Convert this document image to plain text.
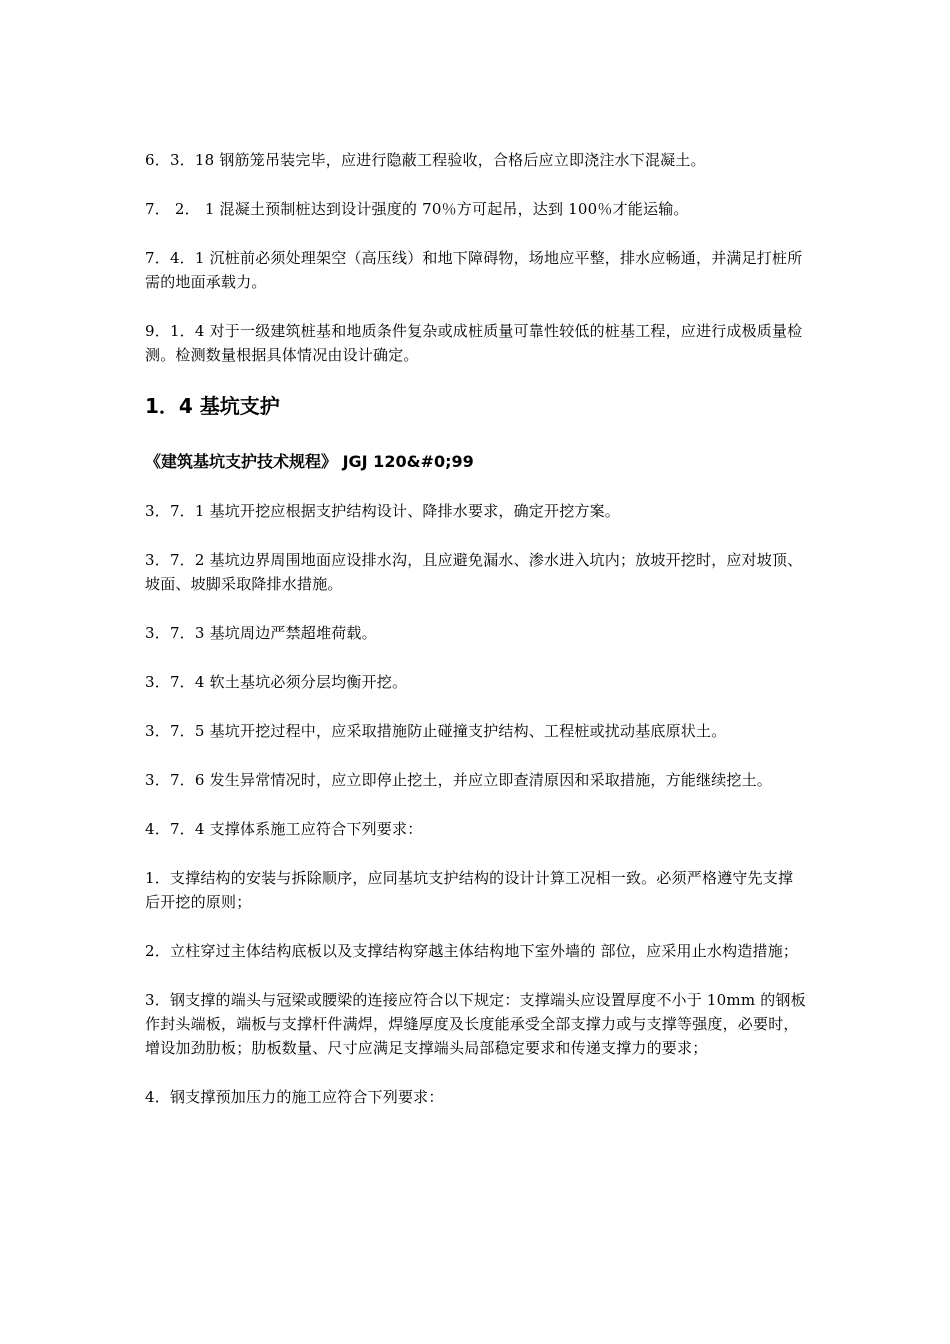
6．3．18 钢筋笼吊装完毕，应进行隐蔽工程验收，合格后应立即浇注水下混凝土。

7． 2． 1 混凝土预制桩达到设计强度的 70％方可起吊，达到 100％才能运输。

7．4．1 沉桩前必须处理架空（高压线）和地下障碍物，场地应平整，排水应畅通，并满足打桩所需的地面承载力。

9．1．4 对于一级建筑桩基和地质条件复杂或成桩质量可靠性较低的桩基工程，应进行成极质量检测。检测数量根据具体情况由设计确定。

1．4 基坑支护
《建筑基坑支护技术规程》 JGJ 120&#0;99

3．7．1 基坑开挖应根据支护结构设计、降排水要求，确定开挖方案。

3．7．2 基坑边界周围地面应设排水沟，且应避免漏水、渗水进入坑内；放坡开挖时，应对坡顶、坡面、坡脚采取降排水措施。

3．7．3 基坑周边严禁超堆荷载。

3．7．4 软土基坑必须分层均衡开挖。

3．7．5 基坑开挖过程中，应采取措施防止碰撞支护结构、工程桩或扰动基底原状土。

3．7．6 发生异常情况时，应立即停止挖土，并应立即查清原因和采取措施，方能继续挖土。

4．7．4 支撑体系施工应符合下列要求：

1．支撑结构的安装与拆除顺序，应同基坑支护结构的设计计算工况相一致。必须严格遵守先支撑后开挖的原则；

2．立柱穿过主体结构底板以及支撑结构穿越主体结构地下室外墙的 部位，应采用止水构造措施；

3．钢支撑的端头与冠梁或腰梁的连接应符合以下规定：支撑端头应设置厚度不小于 10mm 的钢板作封头端板，端板与支撑杆件满焊，焊缝厚度及长度能承受全部支撑力或与支撑等强度，必要时，增设加劲肋板；肋板数量、尺寸应满足支撑端头局部稳定要求和传递支撑力的要求；

4．钢支撑预加压力的施工应符合下列要求：
